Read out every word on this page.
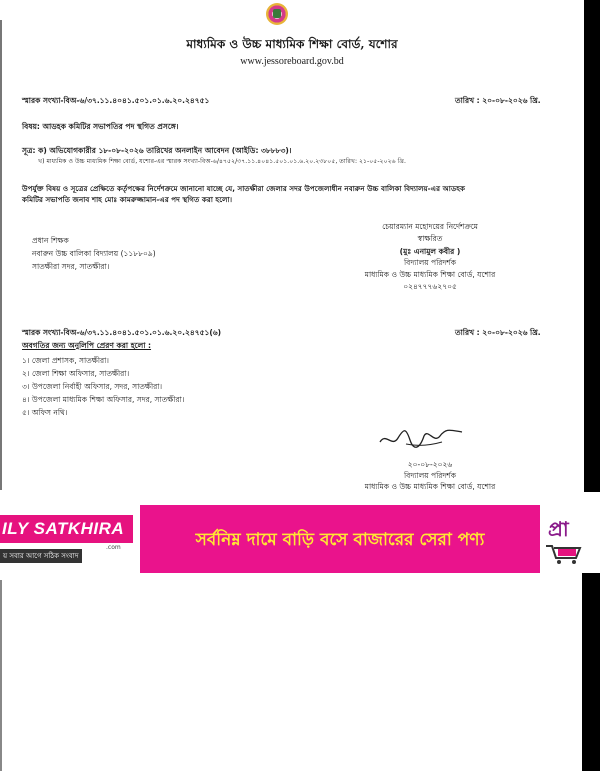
মাধ্যমিক ও উচ্চ মাধ্যমিক শিক্ষা বোর্ড, যশোর
www.jessoreboard.gov.bd
স্মারক সংখ্যা-বিঅ-৬/৩৭.১১.৪০৪১.৫০১.০১.৬.২০.২৪৭৫১	তারিখ : ২০-০৮-২০২৬ খ্রি.
বিষয়: আডহক কমিটির সভাপতির পদ স্থগিত প্রসঙ্গে।
সূত্র: ক) অভিযোগকারীর ১৮-০৮-২০২৬ তারিখের অনলাইন আবেদন (আইডি: ৩৮৮৮৩)।
খ) মাধ্যমিক ও উচ্চ মাধ্যমিক শিক্ষা বোর্ড, যশোর-এর স্মারক সংখ্যা-বিঅ-৬/৪৭৫২/৩৭.১১.৪০৪১.৫০১.০১.৬.২০.২৩৮০৫, তারিখ: ২১-০৫-২০২৬ খ্রি.
উপর্যুক্ত বিষয় ও সূত্রের প্রেক্ষিতে কর্তৃপক্ষের নির্দেশক্রমে জানানো যাচ্ছে যে, সাতক্ষীরা জেলার সদর উপজেলাধীন নবারুন উচ্চ বালিকা বিদ্যালয়-এর আডহক
কমিটির সভাপতি জনাব শাহ মোঃ কামরুজ্জামান-এর পদ স্থগিত করা হলো।
চেয়ারম্যান মহোদয়ের নির্দেশক্রমে
স্বাক্ষরিত
(মুঃ এনামুল কবীর )
বিদ্যালয় পরিদর্শক
মাধ্যমিক ও উচ্চ মাধ্যমিক শিক্ষা বোর্ড, যশোর
০২৪৭৭৭৬২৭০৫
প্রধান শিক্ষক
নবারুন উচ্চ বালিকা বিদ্যালয় (১১৮৮০৯)
সাতক্ষীরা সদর, সাতক্ষীরা।
স্মারক সংখ্যা-বিঅ-৬/৩৭.১১.৪০৪১.৫০১.০১.৬.২০.২৪৭৫১(৬)	তারিখ : ২০-০৮-২০২৬ খ্রি.
অবগতির জন্য অনুলিপি প্রেরণ করা হলো :
১। জেলা প্রশাসক, সাতক্ষীরা।
২। জেলা শিক্ষা অফিসার, সাতক্ষীরা।
৩। উপজেলা নির্বাহী অফিসার, সদর, সাতক্ষীরা।
৪। উপজেলা মাধ্যমিক শিক্ষা অফিসার, সদর, সাতক্ষীরা।
৫। অফিস নথি।
২০-০৮-২০২৬
বিদ্যালয় পরিদর্শক
মাধ্যমিক ও উচ্চ মাধ্যমিক শিক্ষা বোর্ড, যশোর
ILY SATKHIRA
.com
য় সবার আগে সঠিক সংবাদ
সর্বনিম্ন দামে বাড়ি বসে বাজারের সেরা পণ্য	প্রা
